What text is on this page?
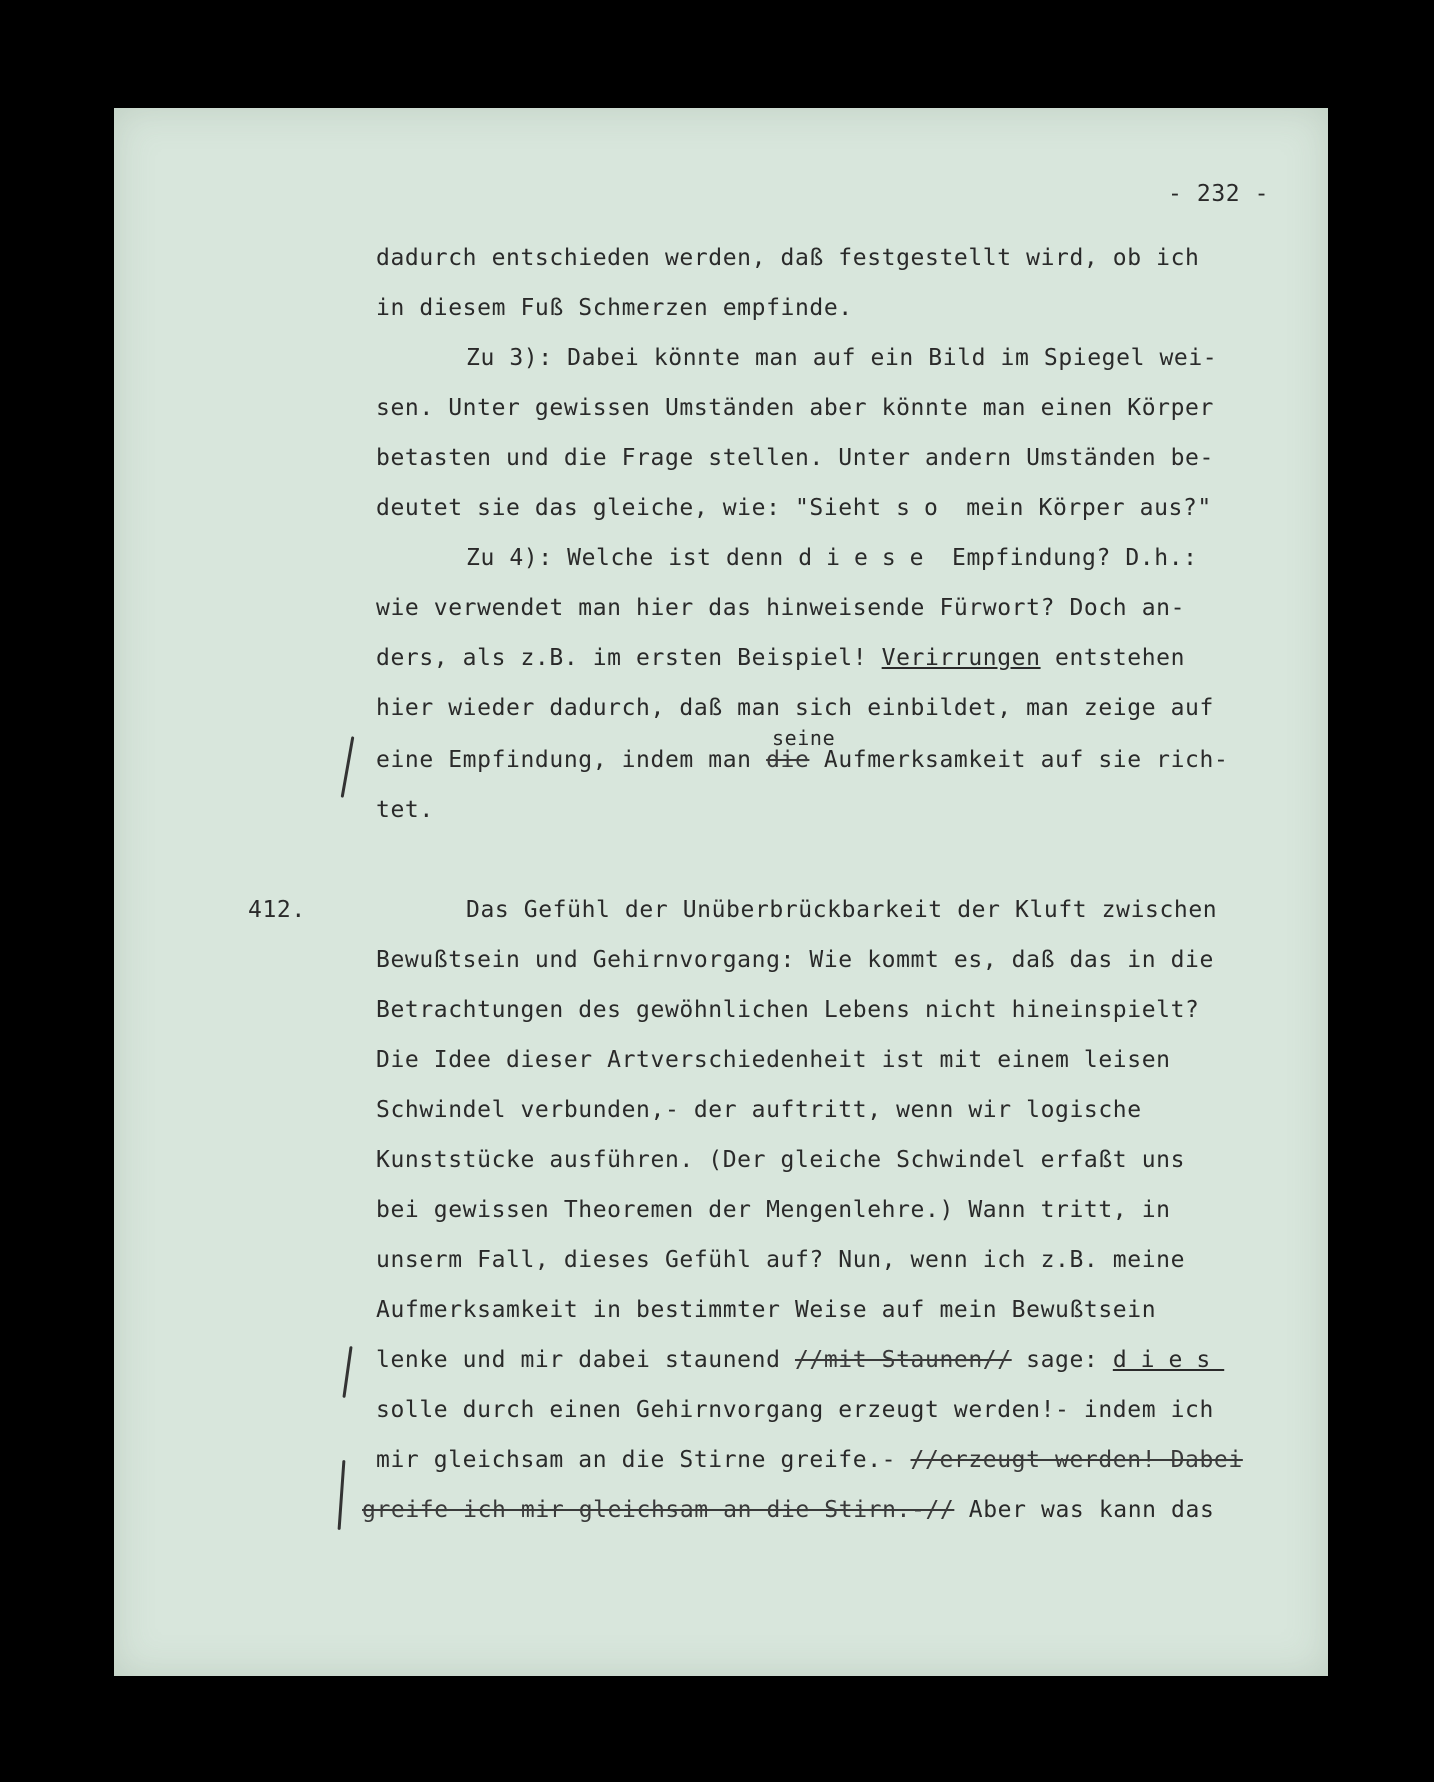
- 232 -
dadurch entschieden werden, daß festgestellt wird, ob ich
in diesem Fuß Schmerzen empfinde.
Zu 3): Dabei könnte man auf ein Bild im Spiegel wei-
sen. Unter gewissen Umständen aber könnte man einen Körper
betasten und die Frage stellen. Unter andern Umständen be-
deutet sie das gleiche, wie: "Sieht so mein Körper aus?"
Zu 4): Welche ist denn diese Empfindung? D.h.:
wie verwendet man hier das hinweisende Fürwort? Doch an-
ders, als z.B. im ersten Beispiel! Verirrungen entstehen
hier wieder dadurch, daß man sich einbildet, man zeige auf
seine
eine Empfindung, indem man die Aufmerksamkeit auf sie rich-
tet.
412.	Das Gefühl der Unüberbrückbarkeit der Kluft zwischen
Bewußtsein und Gehirnvorgang: Wie kommt es, daß das in die
Betrachtungen des gewöhnlichen Lebens nicht hineinspielt?
Die Idee dieser Artverschiedenheit ist mit einem leisen
Schwindel verbunden,- der auftritt, wenn wir logische
Kunststücke ausführen. (Der gleiche Schwindel erfaßt uns
bei gewissen Theoremen der Mengenlehre.) Wann tritt, in
unserm Fall, dieses Gefühl auf? Nun, wenn ich z.B. meine
Aufmerksamkeit in bestimmter Weise auf mein Bewußtsein
lenke und mir dabei staunend //mit Staunen// sage: dies
solle durch einen Gehirnvorgang erzeugt werden!- indem ich
mir gleichsam an die Stirne greife.- //erzeugt werden! Dabei
greife ich mir gleichsam an die Stirn.-// Aber was kann das
